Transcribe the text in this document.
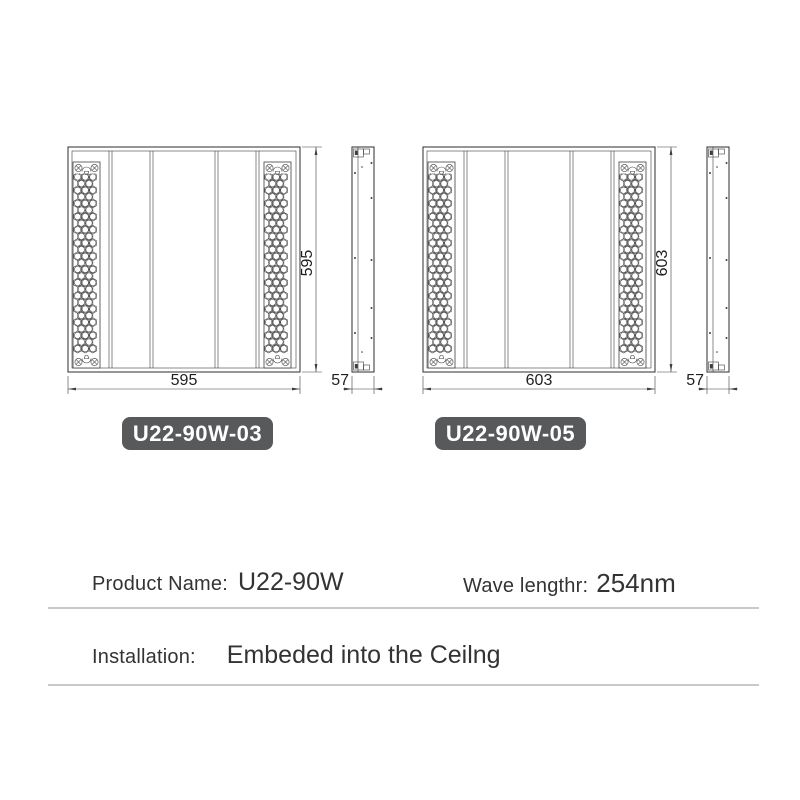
595
595	57
603
603	57
U22-90W-03	U22-90W-05
Product Name: U22-90W	Wave lengthr: 254nm
Installation: Embeded into the Ceilng
